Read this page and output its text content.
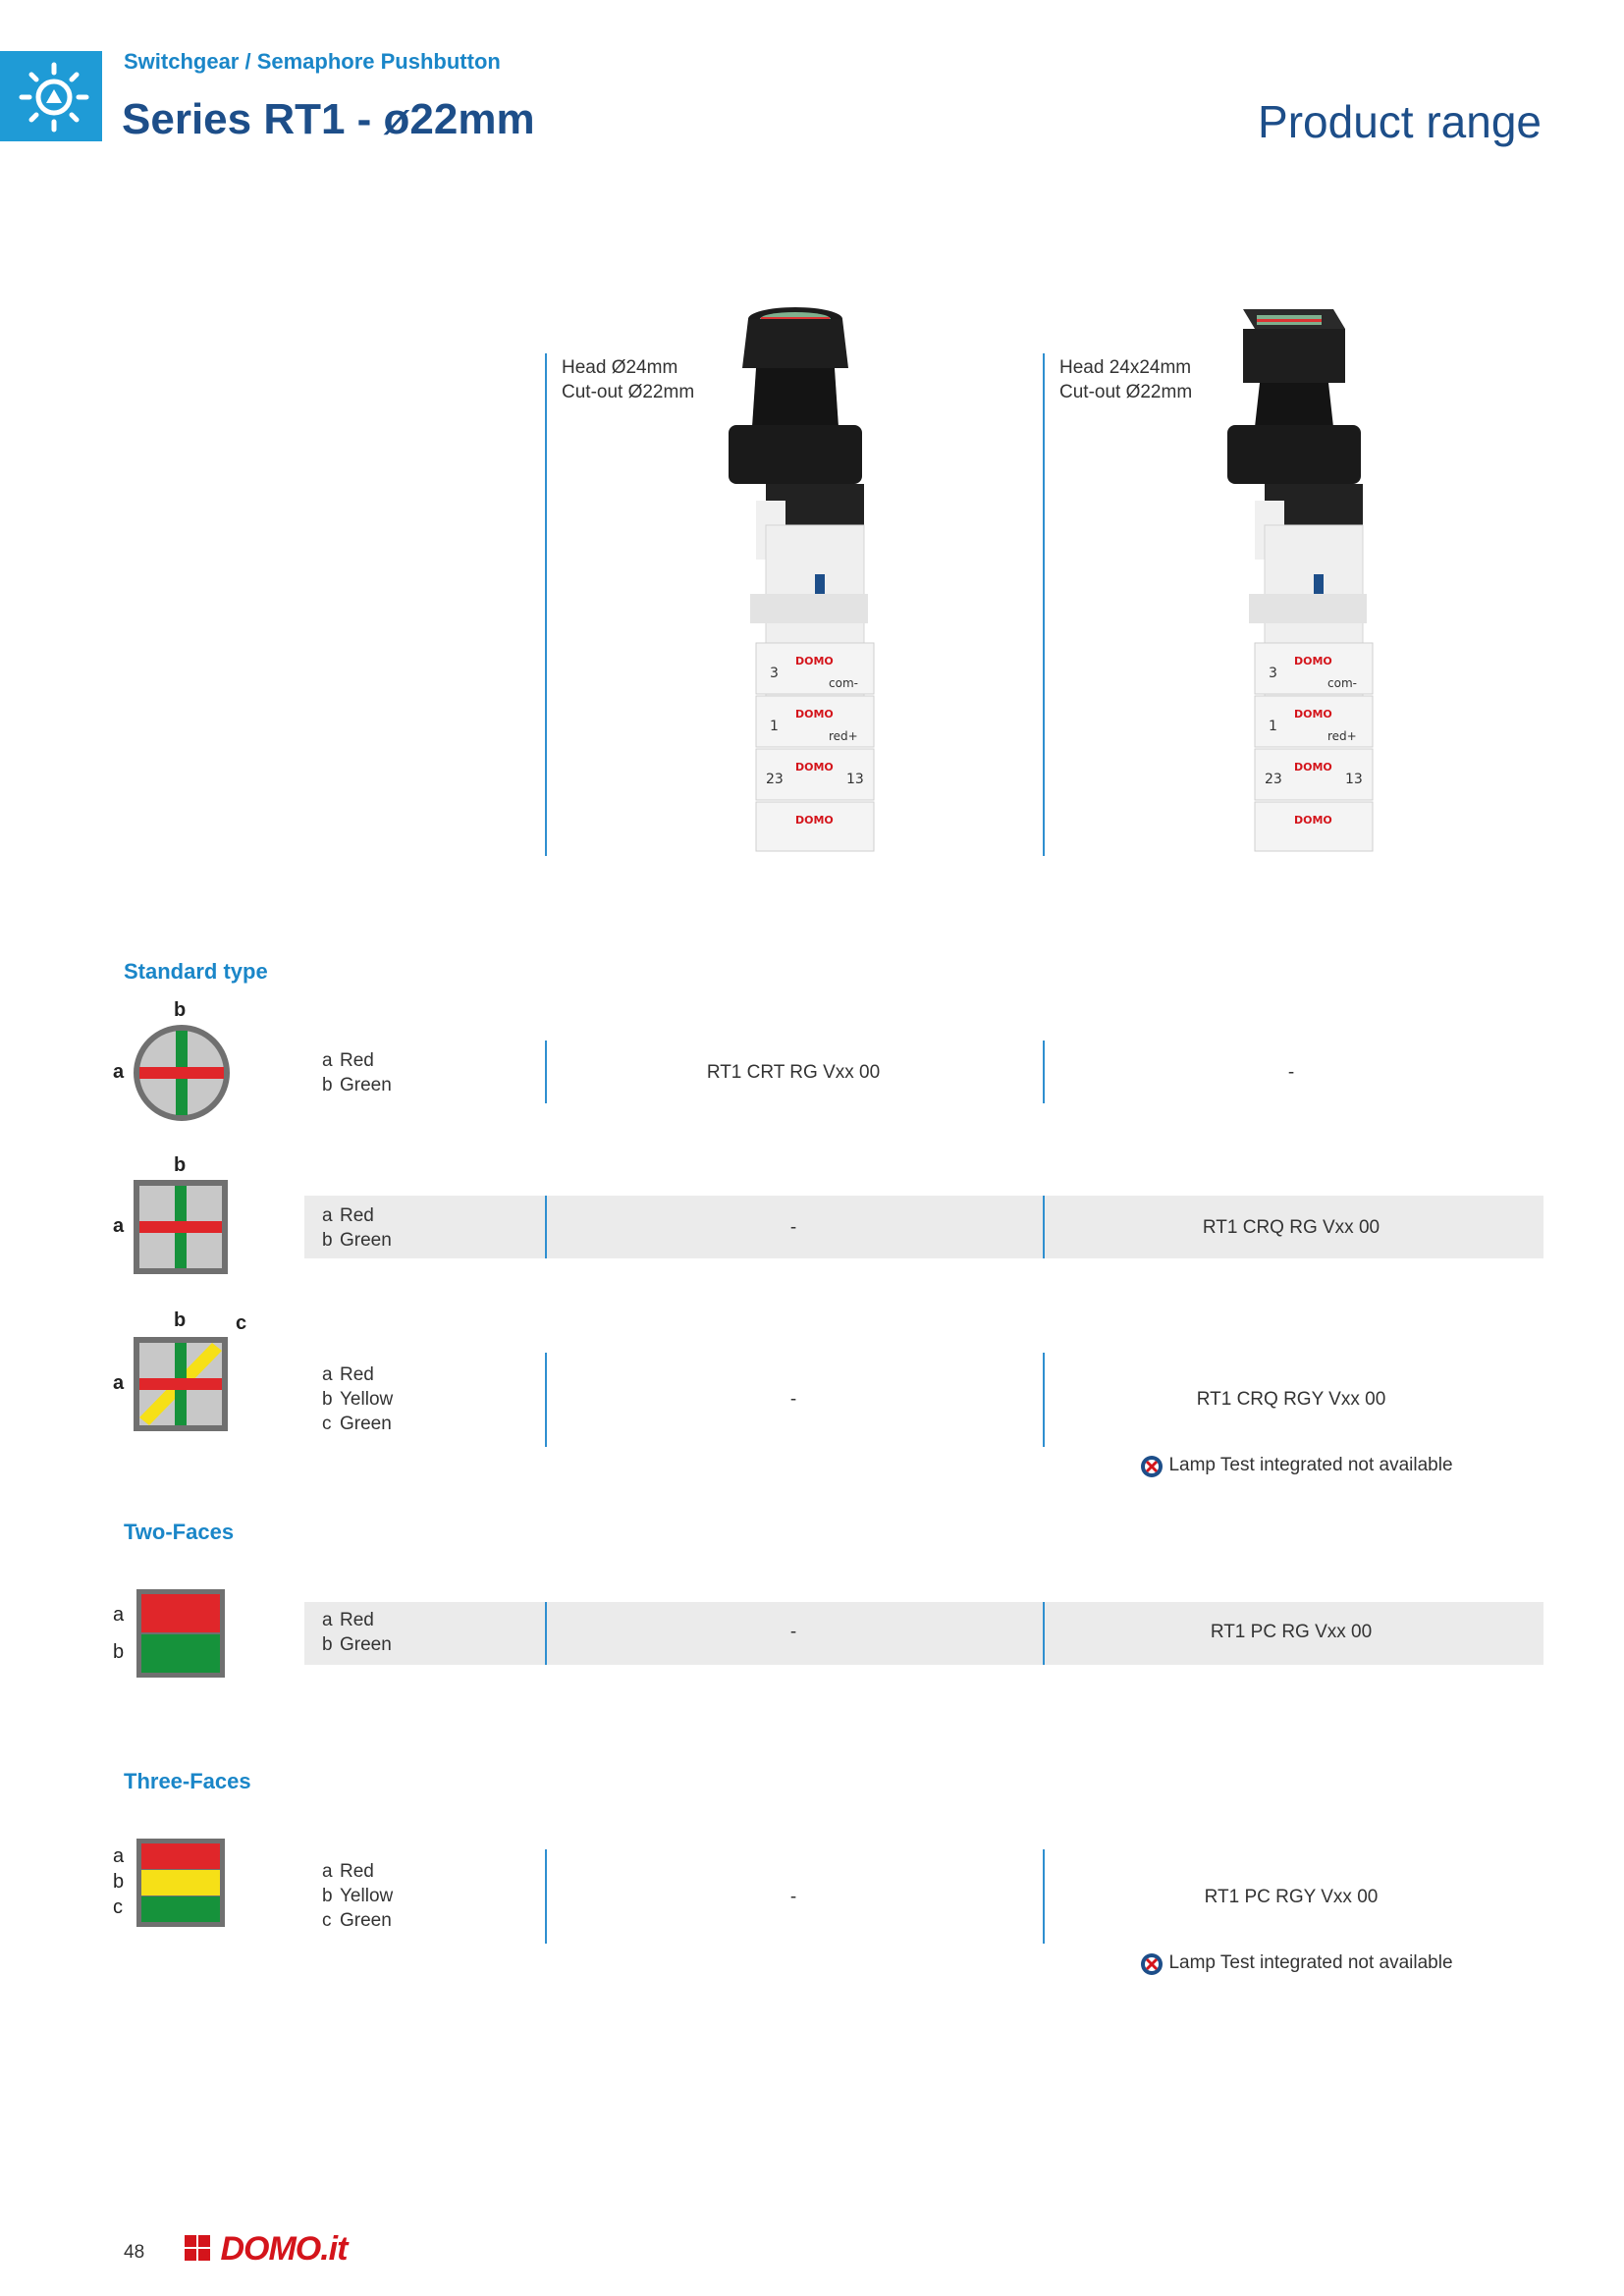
Switchgear / Semaphore Pushbutton
Series RT1 - ø22mm	Product range
Head Ø24mm
Cut-out Ø22mm
Head 24x24mm
Cut-out Ø22mm
3
1
23	13
DOMO
DOMO
DOMO
DOMO
com-
red+
3
1
23	13
DOMO
DOMO
DOMO
DOMO
com-
red+
Standard type
b
a
a Red
b Green
RT1 CRT RG Vxx 00	-
b
a	a Red
b Green
-	RT1 CRQ RG Vxx 00
b	c
a	a Red
b Yellow
c Green
-	RT1 CRQ RGY Vxx 00
Lamp Test integrated not available
Two-Faces
a
b
a Red
b Green
-	RT1 PC RG Vxx 00
Three-Faces
a
b
c
a Red
b Yellow
c Green
-	RT1 PC RGY Vxx 00
Lamp Test integrated not available
48	DOMO.it
